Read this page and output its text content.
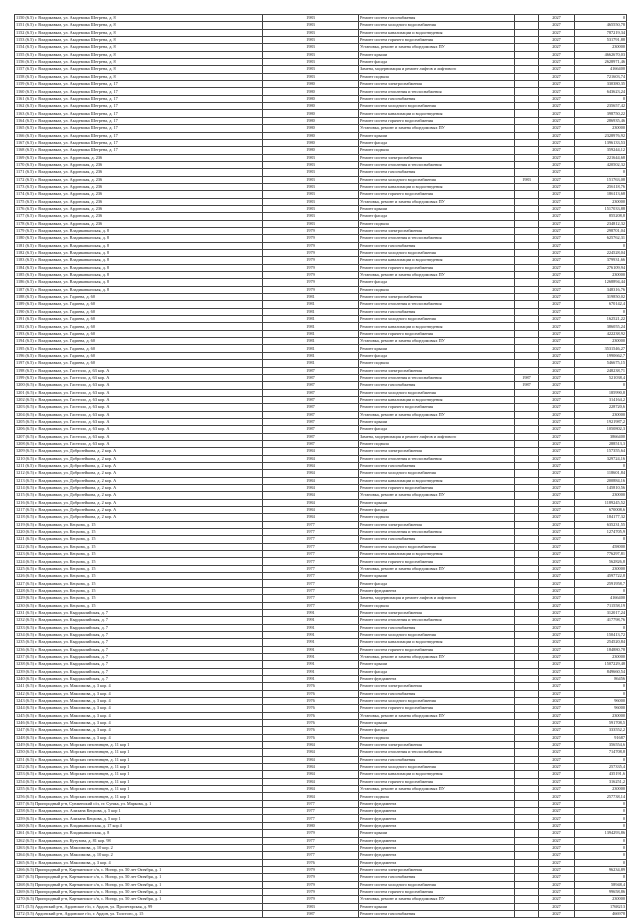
1150 (6.5) г. Владикавказ, ул. Академика Шегрена, д. 8	1983	Ремонт систем газоснабжения		2027	0
1151 (6.5) г. Владикавказ, ул. Академика Шегрена, д. 8	1983	Ремонт систем холодного водоснабжения		2027	465550,78
1152 (6.5) г. Владикавказ, ул. Академика Шегрена, д. 8	1983	Ремонт систем канализации и водоотведения		2027	787219,34
1153 (6.5) г. Владикавказ, ул. Академика Шегрена, д. 8	1983	Ремонт систем горячего водоснабжения		2027	531791,88
1154 (6.5) г. Владикавказ, ул. Академика Шегрена, д. 8	1983	Установка, ремонт и замена общедомовых ПУ		2027	230000
1155 (6.5) г. Владикавказ, ул. Академика Шегрена, д. 8	1983	Ремонт крыши		2027	4662670,03
1156 (6.5) г. Владикавказ, ул. Академика Шегрена, д. 8	1983	Ремонт фасада		2027	2628971,46
1157 (6.5) г. Владикавказ, ул. Академика Шегрена, д. 8	1983	Замена, модернизация и ремонт лифтов и лифтового		2027	4166400
1158 (6.5) г. Владикавказ, ул. Академика Шегрена, д. 8	1983	Ремонт подвала		2027	721603,74
1159 (6.5) г. Владикавказ, ул. Академика Шегрена, д. 17	1980	Ремонт систем электроснабжения		2027	330380,35
1160 (6.5) г. Владикавказ, ул. Академика Шегрена, д. 17	1980	Ремонт систем отопления и теплоснабжения		2027	643623,24
1161 (6.5) г. Владикавказ, ул. Академика Шегрена, д. 17	1980	Ремонт систем газоснабжения		2027	0
1162 (6.5) г. Владикавказ, ул. Академика Шегрена, д. 17	1980	Ремонт систем холодного водоснабжения		2027	235657,42
1163 (6.5) г. Владикавказ, ул. Академика Шегрена, д. 17	1980	Ремонт систем канализации и водоотведения		2027	398750,22
1164 (6.5) г. Владикавказ, ул. Академика Шегрена, д. 17	1980	Ремонт систем горячего водоснабжения		2027	286935,46
1165 (6.5) г. Владикавказ, ул. Академика Шегрена, д. 17	1980	Установка, ремонт и замена общедомовых ПУ		2027	230000
1166 (6.5) г. Владикавказ, ул. Академика Шегрена, д. 17	1980	Ремонт крыши		2027	2328976,92
1167 (6.5) г. Владикавказ, ул. Академика Шегрена, д. 17	1980	Ремонт фасада		2027	1396133,53
1168 (6.5) г. Владикавказ, ул. Академика Шегрена, д. 17	1980	Ремонт подвала		2027	359244,12
1169 (6.5) г. Владикавказ, ул. Ардонская, д. 236	1983	Ремонт систем электроснабжения		2027	221644,68
1170 (6.5) г. Владикавказ, ул. Ардонская, д. 236	1983	Ремонт систем отопления и теплоснабжения		2027	420502,32
1171 (6.5) г. Владикавказ, ул. Ардонская, д. 236	1983	Ремонт систем газоснабжения		2027	0
1172 (6.5) г. Владикавказ, ул. Ардонская, д. 236	1983	Ремонт систем холодного водоснабжения	1983	2027	151763,08
1173 (6.5) г. Владикавказ, ул. Ардонская, д. 236	1983	Ремонт систем канализации и водоотведения		2027	256118,76
1174 (6.5) г. Владикавказ, ул. Ардонская, д. 236	1983	Ремонт систем горячего водоснабжения		2027	186113,68
1175 (6.5) г. Владикавказ, ул. Ардонская, д. 236	1983	Установка, ремонт и замена общедомовых ПУ		2027	230000
1176 (6.5) г. Владикавказ, ул. Ардонская, д. 236	1983	Ремонт крыши		2027	1517033,88
1177 (6.5) г. Владикавказ, ул. Ардонская, д. 236	1983	Ремонт фасада		2027	855208,8
1178 (6.5) г. Владикавказ, ул. Ардонская, д. 236	1983	Ремонт подвала		2027	234812,32
1179 (6.5) г. Владикавказ, ул. Владикавказская, д. 8	1979	Ремонт систем электроснабжения		2027	298701,04
1180 (6.5) г. Владикавказ, ул. Владикавказская, д. 8	1979	Ремонт систем отопления и теплоснабжения		2027	625762,31
1181 (6.5) г. Владикавказ, ул. Владикавказская, д. 8	1979	Ремонт систем газоснабжения		2027	0
1182 (6.5) г. Владикавказ, ул. Владикавказская, д. 8	1979	Ремонт систем холодного водоснабжения		2027	224528,04
1183 (6.5) г. Владикавказ, ул. Владикавказская, д. 8	1979	Ремонт систем канализации и водоотведения		2027	379931,66
1184 (6.5) г. Владикавказ, ул. Владикавказская, д. 8	1979	Ремонт систем горячего водоснабжения		2027	276109,94
1185 (6.5) г. Владикавказ, ул. Владикавказская, д. 8	1979	Установка, ремонт и замена общедомовых ПУ		2027	230000
1186 (6.5) г. Владикавказ, ул. Владикавказская, д. 8	1979	Ремонт фасада		2027	1268894,44
1187 (6.5) г. Владикавказ, ул. Владикавказская, д. 8	1979	Ремонт подвала		2027	348316,76
1188 (6.5) г. Владикавказ, ул. Гадиева, д. 60	1981	Ремонт систем электроснабжения		2027	319850,02
1189 (6.5) г. Владикавказ, ул. Гадиева, д. 60	1981	Ремонт систем отопления и теплоснабжения		2027	670142,4
1190 (6.5) г. Владикавказ, ул. Гадиева, д. 60	1981	Ремонт систем газоснабжения		2027	0
1191 (6.5) г. Владикавказ, ул. Гадиева, д. 60	1981	Ремонт систем холодного водоснабжения		2027	162521,22
1192 (6.5) г. Владикавказ, ул. Гадиева, д. 60	1981	Ремонт систем канализации и водоотведения		2027	386055,24
1193 (6.5) г. Владикавказ, ул. Гадиева, д. 60	1981	Ремонт систем горячего водоснабжения		2027	422238,92
1194 (6.5) г. Владикавказ, ул. Гадиева, д. 60	1981	Установка, ремонт и замена общедомовых ПУ		2027	230000
1195 (6.5) г. Владикавказ, ул. Гадиева, д. 60	1981	Ремонт крыши		2027	3531546,27
1196 (6.5) г. Владикавказ, ул. Гадиева, д. 60	1981	Ремонт фасада		2027	1990662,7
1197 (6.5) г. Владикавказ, ул. Гадиева, д. 60	1981	Ремонт подвала		2027	546675,15
1198 (6.5) г. Владикавказ, ул. Гастелло, д. 63 кор. А	1987	Ремонт систем электроснабжения		2027	248238,71
1199 (6.5) г. Владикавказ, ул. Гастелло, д. 63 кор. А	1987	Ремонт систем отопления и теплоснабжения	1987	2027	521038,4
1200 (6.5) г. Владикавказ, ул. Гастелло, д. 63 кор. А	1987	Ремонт систем газоснабжения	1987	2027	0
1201 (6.5) г. Владикавказ, ул. Гастелло, д. 63 кор. А	1987	Ремонт систем холодного водоснабжения		2027	185990,8
1202 (6.5) г. Владикавказ, ул. Гастелло, д. 63 кор. А	1987	Ремонт систем канализации и водоотведения		2027	314164,2
1203 (6.5) г. Владикавказ, ул. Гастелло, д. 63 кор. А	1987	Ремонт систем горячего водоснабжения		2027	228720,6
1204 (6.5) г. Владикавказ, ул. Гастелло, д. 63 кор. А	1987	Установка, ремонт и замена общедомовых ПУ		2027	230000
1205 (6.5) г. Владикавказ, ул. Гастелло, д. 63 кор. А	1987	Ремонт крыши		2027	1921987,2
1206 (6.5) г. Владикавказ, ул. Гастелло, д. 63 кор. А	1987	Ремонт фасада		2027	1050802,3
1207 (6.5) г. Владикавказ, ул. Гастелло, д. 63 кор. А	1987	Замена, модернизация и ремонт лифтов и лифтового		2027	3866400
1208 (6.5) г. Владикавказ, ул. Гастелло, д. 63 кор. А	1987	Ремонт подвала		2027	288513,3
1209 (6.5) г. Владикавказ, ул. Доброзейкова, д. 2 кор. А	1984	Ремонт систем электроснабжения		2027	157355,64
1210 (6.5) г. Владикавказ, ул. Доброзейкова, д. 2 кор. А	1984	Ремонт систем отопления и теплоснабжения		2027	329724,16
1211 (6.5) г. Владикавказ, ул. Доброзейкова, д. 2 кор. А	1984	Ремонт систем газоснабжения		2027	0
1212 (6.5) г. Владикавказ, ул. Доброзейкова, д. 2 кор. А	1984	Ремонт систем холодного водоснабжения		2027	118601,84
1213 (6.5) г. Владикавказ, ул. Доброзейкова, д. 2 кор. А	1984	Ремонт систем канализации и водоотведения		2027	200884,16
1214 (6.5) г. Владикавказ, ул. Доброзейкова, д. 2 кор. А	1984	Ремонт систем горячего водоснабжения		2027	145810,56
1215 (6.5) г. Владикавказ, ул. Доброзейкова, д. 2 кор. А	1984	Установка, ремонт и замена общедомовых ПУ		2027	230000
1216 (6.5) г. Владикавказ, ул. Доброзейкова, д. 2 кор. А	1984	Ремонт крыши		2027	1189245,52
1217 (6.5) г. Владикавказ, ул. Доброзейкова, д. 2 кор. А	1984	Ремонт фасада		2027	670008,6
1218 (6.5) г. Владикавказ, ул. Доброзейкова, д. 2 кор. А	1984	Ремонт подвала		2027	184177,32
1219 (6.5) г. Владикавказ, ул. Кецхова, д. 15	1977	Ремонт систем электроснабжения		2027	635231,55
1220 (6.5) г. Владикавказ, ул. Кецхова, д. 15	1977	Ремонт систем отопления и теплоснабжения		2027	1274705,9
1221 (6.5) г. Владикавказ, ул. Кецхова, д. 15	1977	Ремонт систем газоснабжения		2027	0
1222 (6.5) г. Владикавказ, ул. Кецхова, д. 15	1977	Ремонт систем холодного водоснабжения		2027	458000
1223 (6.5) г. Владикавказ, ул. Кецхова, д. 15	1977	Ремонт систем канализации и водоотведения		2027	776297,81
1224 (6.5) г. Владикавказ, ул. Кецхова, д. 15	1977	Ремонт систем горячего водоснабжения		2027	562826,8
1225 (6.5) г. Владикавказ, ул. Кецхова, д. 15	1977	Установка, ремонт и замена общедомовых ПУ		2027	230000
1226 (6.5) г. Владикавказ, ул. Кецхова, д. 15	1977	Ремонт крыши		2027	4597722,8
1227 (6.5) г. Владикавказ, ул. Кецхова, д. 15	1977	Ремонт фасада		2027	2591958,7
1228 (6.5) г. Владикавказ, ул. Кецхова, д. 15	1977	Ремонт фундамента		2027	0
1229 (6.5) г. Владикавказ, ул. Кецхова, д. 15	1977	Замена, модернизация и ремонт лифтов и лифтового		2027	4166400
1230 (6.5) г. Владикавказ, ул. Кецхова, д. 15	1977	Ремонт подвала		2027	711558,19
1231 (6.5) г. Владикавказ, ул. Кырджалийская, д. 7	1991	Ремонт систем электроснабжения		2027	312017,24
1232 (6.5) г. Владикавказ, ул. Кырджалийская, д. 7	1991	Ремонт систем отопления и теплоснабжения		2027	417798,76
1233 (6.5) г. Владикавказ, ул. Кырджалийская, д. 7	1991	Ремонт систем газоснабжения		2027	0
1234 (6.5) г. Владикавказ, ул. Кырджалийская, д. 7	1991	Ремонт систем холодного водоснабжения		2027	150413,72
1235 (6.5) г. Владикавказ, ул. Кырджалийская, д. 7	1991	Ремонт систем канализации и водоотведения		2027	254520,84
1236 (6.5) г. Владикавказ, ул. Кырджалийская, д. 7	1991	Ремонт систем горячего водоснабжения		2027	184880,78
1237 (6.5) г. Владикавказ, ул. Кырджалийская, д. 7	1991	Установка, ремонт и замена общедомовых ПУ		2027	230000
1238 (6.5) г. Владикавказ, ул. Кырджалийская, д. 7	1991	Ремонт крыши		2027	1507229,48
1239 (6.5) г. Владикавказ, ул. Кырджалийская, д. 7	1991	Ремонт фасада		2027	849660,54
1240 (6.5) г. Владикавказ, ул. Кырджалийская, д. 7	1991	Ремонт фундамента		2027	86456
1241 (6.5) г. Владикавказ, ул. Максимова, д. 3 кор. 4	1976	Ремонт систем электроснабжения		2027	0
1242 (6.5) г. Владикавказ, ул. Максимова, д. 3 кор. 4	1976	Ремонт систем газоснабжения		2027	0
1243 (6.5) г. Владикавказ, ул. Максимова, д. 3 кор. 4	1976	Ремонт систем холодного водоснабжения		2027	96000
1244 (6.5) г. Владикавказ, ул. Максимова, д. 3 кор. 4	1976	Ремонт систем горячего водоснабжения		2027	96000
1245 (6.5) г. Владикавказ, ул. Максимова, д. 3 кор. 4	1976	Установка, ремонт и замена общедомовых ПУ		2027	230000
1246 (6.5) г. Владикавказ, ул. Максимова, д. 3 кор. 4	1976	Ремонт крыши		2027	591708,5
1247 (6.5) г. Владикавказ, ул. Максимова, д. 3 кор. 4	1976	Ремонт фасада		2027	333552,2
1248 (6.5) г. Владикавказ, ул. Максимова, д. 3 кор. 4	1976	Ремонт подвала		2027	91687
1249 (6.5) г. Владикавказ, ул. Морских пехотинцев, д. 11 кор 1	1984	Ремонт систем электроснабжения		2027	356554,6
1250 (6.5) г. Владикавказ, ул. Морских пехотинцев, д. 11 кор 1	1984	Ремонт систем отопления и теплоснабжения		2027	714708,8
1251 (6.5) г. Владикавказ, ул. Морских пехотинцев, д. 11 кор 1	1984	Ремонт систем газоснабжения		2027	0
1252 (6.5) г. Владикавказ, ул. Морских пехотинцев, д. 11 кор 1	1984	Ремонт систем холодного водоснабжения		2027	257335,4
1253 (6.5) г. Владикавказ, ул. Морских пехотинцев, д. 11 кор 1	1984	Ремонт систем канализации и водоотведения		2027	435191,6
1254 (6.5) г. Владикавказ, ул. Морских пехотинцев, д. 11 кор 1	1984	Ремонт систем горячего водоснабжения		2027	316251,2
1255 (6.5) г. Владикавказ, ул. Морских пехотинцев, д. 11 кор 1	1984	Установка, ремонт и замена общедомовых ПУ		2027	230000
1256 (6.5) г. Владикавказ, ул. Морских пехотинцев, д. 11 кор 1	1984	Ремонт подвала		2027	257738,14
1257 (6.5) Пригородный р-н, Сунженский с/п, ст. Сунжа, ул. Маркова, д. 1	1977	Ремонт фундамента		2027	0
1258 (6.5) г. Владикавказ, ул. Алихана Кецхова, д. 5 кор 1	1977	Ремонт фундамента		2027	0
1259 (6.5) г. Владикавказ, ул. Алихана Кецхова, д. 5 кор 1	1977	Ремонт фундамента		2027	0
1260 (6.5) г. Владикавказ, ул. Владикавказская, д. 17 кор 4	1980	Ремонт фундамента		2027	0
1261 (6.5) г. Владикавказ, ул. Владикавказская, д. 8	1979	Ремонт крыши		2027	1394293,86
1262 (6.5) г. Владикавказ, ул. Кутузова, д. 81 кор. 98	1977	Ремонт фундамента		2027	0
1263 (6.5) г. Владикавказ, ул. Максимова, д. 10 кор. 2	1977	Ремонт фундамента		2027	0
1264 (6.5) г. Владикавказ, ул. Максимова, д. 10 кор. 2	1977	Ремонт фундамента		2027	0
1265 (6.5) г. Владикавказ, ул. Максимова, д. 3 кор. 4	1976	Ремонт фундамента		2027	0
1266 (6.5) Пригородный р-н, Карткинское с/п, с. Ногир, ул. 50 лет Октября, д. 1	1979	Ремонт систем электроснабжения		2027	96234,89
1267 (6.5) Пригородный р-н, Карткинское с/п, с. Ногир, ул. 50 лет Октября, д. 1	1979	Ремонт систем газоснабжения		2027	0
1268 (6.5) Пригородный р-н, Карткинское с/п, с. Ногир, ул. 50 лет Октября, д. 1	1979	Ремонт систем холодного водоснабжения		2027	58948,4
1269 (6.5) Пригородный р-н, Карткинское с/п, с. Ногир, ул. 50 лет Октября, д. 1	1979	Ремонт систем горячего водоснабжения		2027	99658,86
1270 (6.5) Пригородный р-н, Карткинское с/п, с. Ногир, ул. 50 лет Октября, д. 1	1979	Установка, ремонт и замена общедомовых ПУ		2027	230000
1271 (5.5) Ардонский р-н, Ардонское г/п, г. Ардон, ул. Пролетарская, д. 99	1983	Ремонт крыши		2027	1768213
1272 (5.5) Ардонский р-н, Ардонское г/п, г. Ардон, ул. Толстого, д. 15	1987	Ремонт систем газоснабжения		2027	466978
